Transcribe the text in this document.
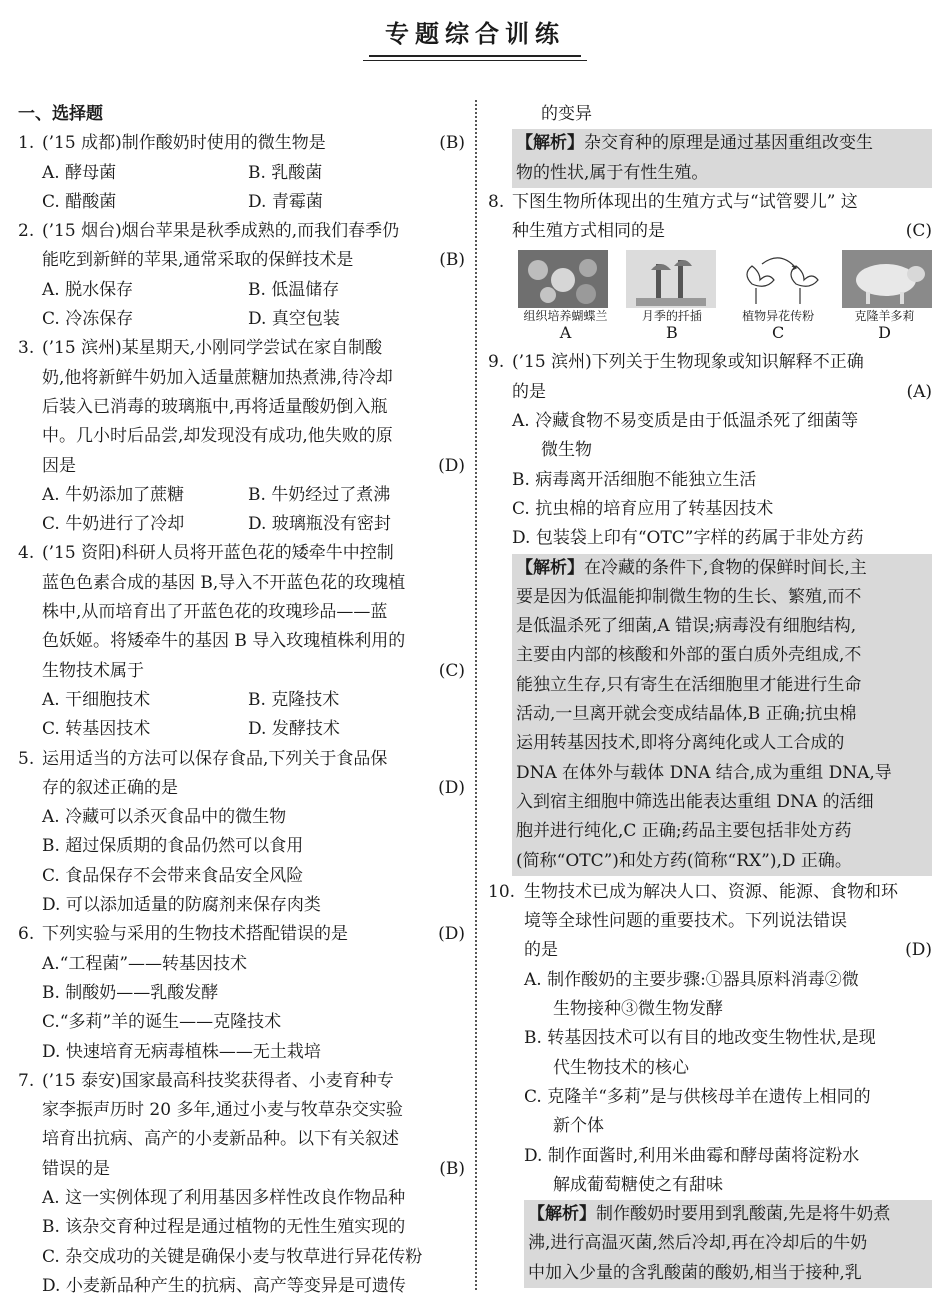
专题综合训练
一、选择题
1. (’15 成都)制作酸奶时使用的微生物是	(B)
A. 酵母菌	B. 乳酸菌
C. 醋酸菌	D. 青霉菌
2. (’15 烟台)烟台苹果是秋季成熟的,而我们春季仍
能吃到新鲜的苹果,通常采取的保鲜技术是	(B)
A. 脱水保存	B. 低温储存
C. 冷冻保存	D. 真空包装
3. (’15 滨州)某星期天,小刚同学尝试在家自制酸
奶,他将新鲜牛奶加入适量蔗糖加热煮沸,待冷却
后装入已消毒的玻璃瓶中,再将适量酸奶倒入瓶
中。几小时后品尝,却发现没有成功,他失败的原
因是	(D)
A. 牛奶添加了蔗糖	B. 牛奶经过了煮沸
C. 牛奶进行了冷却	D. 玻璃瓶没有密封
4. (’15 资阳)科研人员将开蓝色花的矮牵牛中控制
蓝色色素合成的基因 B,导入不开蓝色花的玫瑰植
株中,从而培育出了开蓝色花的玫瑰珍品——蓝
色妖姬。将矮牵牛的基因 B 导入玫瑰植株利用的
生物技术属于	(C)
A. 干细胞技术	B. 克隆技术
C. 转基因技术	D. 发酵技术
5. 运用适当的方法可以保存食品,下列关于食品保
存的叙述正确的是	(D)
A. 冷藏可以杀灭食品中的微生物
B. 超过保质期的食品仍然可以食用
C. 食品保存不会带来食品安全风险
D. 可以添加适量的防腐剂来保存肉类
6. 下列实验与采用的生物技术搭配错误的是	(D)
A.“工程菌”——转基因技术
B. 制酸奶——乳酸发酵
C.“多莉”羊的诞生——克隆技术
D. 快速培育无病毒植株——无土栽培
7. (’15 泰安)国家最高科技奖获得者、小麦育种专
家李振声历时 20 多年,通过小麦与牧草杂交实验
培育出抗病、高产的小麦新品种。以下有关叙述
错误的是	(B)
A. 这一实例体现了利用基因多样性改良作物品种
B. 该杂交育种过程是通过植物的无性生殖实现的
C. 杂交成功的关键是确保小麦与牧草进行异花传粉
D. 小麦新品种产生的抗病、高产等变异是可遗传
的变异
【解析】杂交育种的原理是通过基因重组改变生
物的性状,属于有性生殖。
8. 下图生物所体现出的生殖方式与“试管婴儿” 这
种生殖方式相同的是	(C)
组织培养蝴蝶兰	月季的扦插	植物异花传粉	克隆羊多莉
A	B	C	D
9. (’15 滨州)下列关于生物现象或知识解释不正确
的是	(A)
A. 冷藏食物不易变质是由于低温杀死了细菌等
微生物
B. 病毒离开活细胞不能独立生活
C. 抗虫棉的培育应用了转基因技术
D. 包装袋上印有“OTC”字样的药属于非处方药
【解析】在冷藏的条件下,食物的保鲜时间长,主
要是因为低温能抑制微生物的生长、繁殖,而不
是低温杀死了细菌,A 错误;病毒没有细胞结构,
主要由内部的核酸和外部的蛋白质外壳组成,不
能独立生存,只有寄生在活细胞里才能进行生命
活动,一旦离开就会变成结晶体,B 正确;抗虫棉
运用转基因技术,即将分离纯化或人工合成的
DNA 在体外与载体 DNA 结合,成为重组 DNA,导
入到宿主细胞中筛选出能表达重组 DNA 的活细
胞并进行纯化,C 正确;药品主要包括非处方药
(简称“OTC”)和处方药(简称“RX”),D 正确。
10. 生物技术已成为解决人口、资源、能源、食物和环
境等全球性问题的重要技术。下列说法错误
的是	(D)
A. 制作酸奶的主要步骤:①器具原料消毒②微
生物接种③微生物发酵
B. 转基因技术可以有目的地改变生物性状,是现
代生物技术的核心
C. 克隆羊“多莉”是与供核母羊在遗传上相同的
新个体
D. 制作面酱时,利用米曲霉和酵母菌将淀粉水
解成葡萄糖使之有甜味
【解析】制作酸奶时要用到乳酸菌,先是将牛奶煮
沸,进行高温灭菌,然后冷却,再在冷却后的牛奶
中加入少量的含乳酸菌的酸奶,相当于接种,乳
